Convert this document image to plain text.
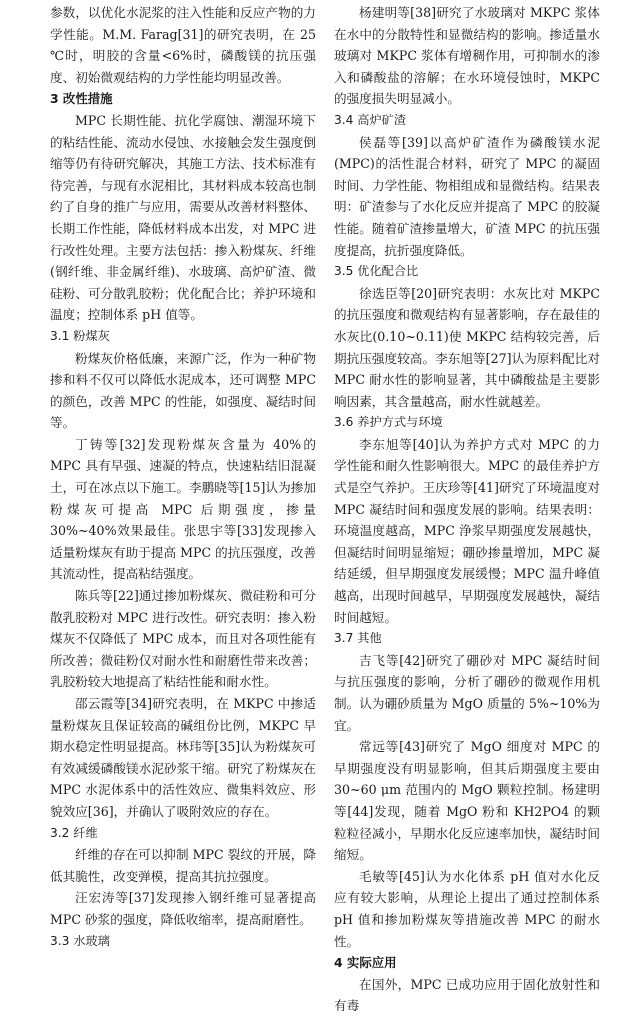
参数，以优化水泥浆的注入性能和反应产物的力学性能。M.M. Farag[31]的研究表明，在 25 ℃时，明胶的含量<6%时，磷酸镁的抗压强度、初始微观结构的力学性能均明显改善。

3 改性措施

MPC 长期性能、抗化学腐蚀、潮湿环境下的粘结性能、流动水侵蚀、水接触会发生强度倒缩等仍有待研究解决，其施工方法、技术标准有待完善，与现有水泥相比，其材料成本较高也制约了自身的推广与应用，需要从改善材料整体、长期工作性能，降低材料成本出发，对 MPC 进行改性处理。主要方法包括：掺入粉煤灰、纤维(钢纤维、非金属纤维)、水玻璃、高炉矿渣、微硅粉、可分散乳胶粉；优化配合比；养护环境和温度；控制体系 pH 值等。

3.1 粉煤灰

粉煤灰价格低廉，来源广泛，作为一种矿物掺和料不仅可以降低水泥成本，还可调整 MPC 的颜色，改善 MPC 的性能，如强度、凝结时间等。

丁铸等[32]发现粉煤灰含量为 40%的 MPC 具有早强、速凝的特点，快速粘结旧混凝土，可在冰点以下施工。李鹏晓等[15]认为掺加粉煤灰可提高 MPC 后期强度，掺量 30%~40%效果最佳。张思宇等[33]发现掺入适量粉煤灰有助于提高 MPC 的抗压强度，改善其流动性，提高粘结强度。

陈兵等[22]通过掺加粉煤灰、微硅粉和可分散乳胶粉对 MPC 进行改性。研究表明：掺入粉煤灰不仅降低了 MPC 成本，而且对各项性能有所改善；微硅粉仅对耐水性和耐磨性带来改善；乳胶粉较大地提高了粘结性能和耐水性。

邵云霞等[34]研究表明，在 MKPC 中掺适量粉煤灰且保证较高的碱组份比例，MKPC 早期水稳定性明显提高。林玮等[35]认为粉煤灰可有效减缓磷酸镁水泥砂浆干缩。研究了粉煤灰在 MPC 水泥体系中的活性效应、微集料效应、形貌效应[36]，并确认了吸附效应的存在。

3.2 纤维

纤维的存在可以抑制 MPC 裂纹的开展，降低其脆性，改变弹模，提高其抗拉强度。

汪宏涛等[37]发现掺入钢纤维可显著提高 MPC 砂浆的强度，降低收缩率，提高耐磨性。

3.3 水玻璃

杨建明等[38]研究了水玻璃对 MKPC 浆体在水中的分散特性和显微结构的影响。掺适量水玻璃对 MKPC 浆体有增稠作用，可抑制水的渗入和磷酸盐的溶解；在水环境侵蚀时，MKPC 的强度损失明显减小。

3.4 高炉矿渣

侯磊等[39]以高炉矿渣作为磷酸镁水泥(MPC)的活性混合材料，研究了 MPC 的凝固时间、力学性能、物相组成和显微结构。结果表明：矿渣参与了水化反应并提高了 MPC 的胶凝性能。随着矿渣掺量增大，矿渣 MPC 的抗压强度提高，抗折强度降低。

3.5 优化配合比

徐选臣等[20]研究表明：水灰比对 MKPC 的抗压强度和微观结构有显著影响，存在最佳的水灰比(0.10~0.11)使 MKPC 结构较完善，后期抗压强度较高。李东旭等[27]认为原料配比对 MPC 耐水性的影响显著，其中磷酸盐是主要影响因素，其含量越高，耐水性就越差。

3.6 养护方式与环境

李东旭等[40]认为养护方式对 MPC 的力学性能和耐久性影响很大。MPC 的最佳养护方式是空气养护。王庆珍等[41]研究了环境温度对 MPC 凝结时间和强度发展的影响。结果表明：环境温度越高，MPC 浄浆早期强度发展越快，但凝结时间明显缩短；硼砂掺量增加，MPC 凝结延缓，但早期强度发展缓慢；MPC 温升峰值越高，出现时间越早，早期强度发展越快，凝结时间越短。

3.7 其他

吉飞等[42]研究了硼砂对 MPC 凝结时间与抗压强度的影响，分析了硼砂的微观作用机制。认为硼砂质量为 MgO 质量的 5%~10%为宜。

常远等[43]研究了 MgO 细度对 MPC 的早期强度没有明显影响，但其后期强度主要由 30~60 μm 范围内的 MgO 颗粒控制。杨建明等[44]发现，随着 MgO 粉和 KH2PO4 的颗粒粒径减小，早期水化反应速率加快，凝结时间缩短。

毛敏等[45]认为水化体系 pH 值对水化反应有较大影响，从理论上提出了通过控制体系 pH 值和掺加粉煤灰等措施改善 MPC 的耐水性。

4 实际应用

在国外，MPC 已成功应用于固化放射性和有毒
